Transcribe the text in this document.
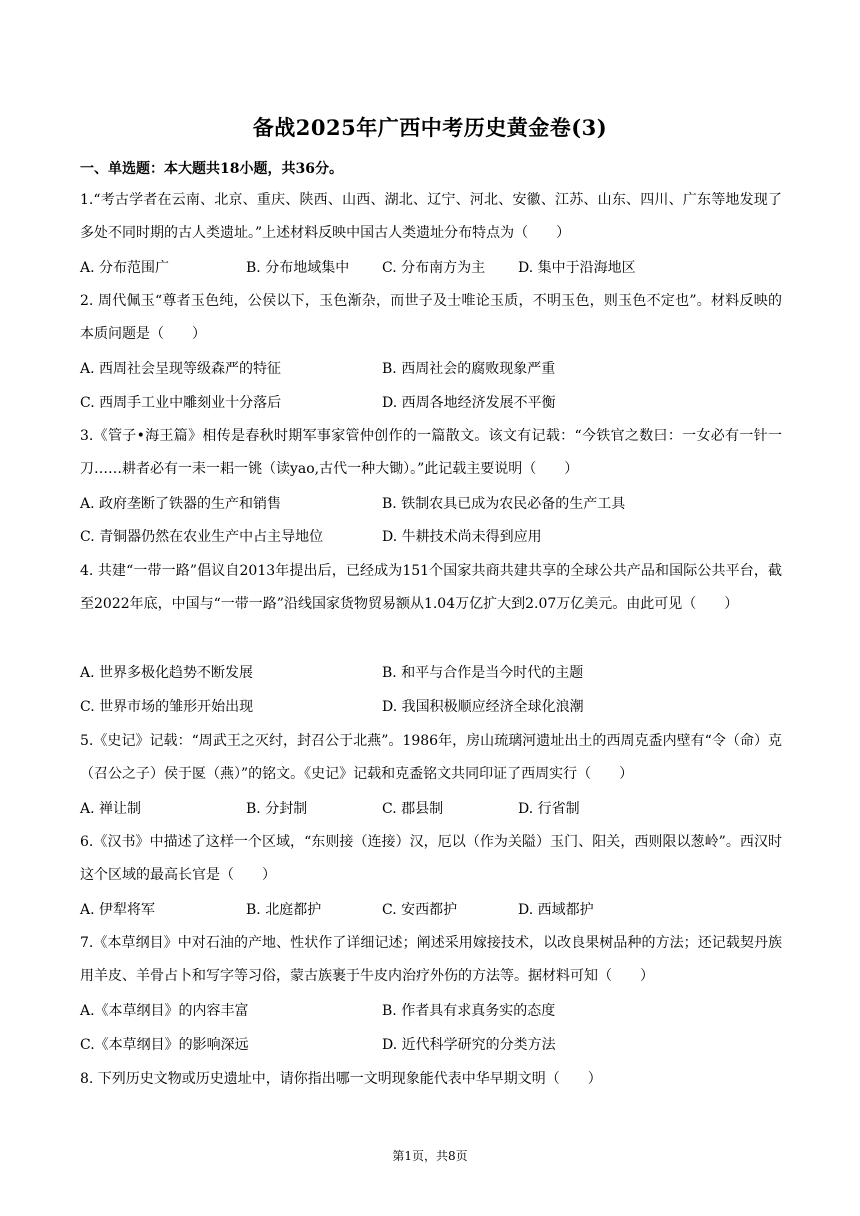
备战2025年广西中考历史黄金卷(3)
一、单选题：本大题共18小题，共36分。
1.“考古学者在云南、北京、重庆、陕西、山西、湖北、辽宁、河北、安徽、江苏、山东、四川、广东等地发现了多处不同时期的古人类遗址。”上述材料反映中国古人类遗址分布特点为（　　）
A. 分布范围广	B. 分布地域集中 C. 分布南方为主 D. 集中于沿海地区
2. 周代佩玉“尊者玉色纯，公侯以下，玉色渐杂，而世子及士唯论玉质，不明玉色，则玉色不定也”。材料反映的本质问题是（　　）
A. 西周社会呈现等级森严的特征	B. 西周社会的腐败现象严重
C. 西周手工业中雕刻业十分落后	D. 西周各地经济发展不平衡
3.《管子•海王篇》相传是春秋时期军事家管仲创作的一篇散文。该文有记载：“今铁官之数曰：一女必有一针一刀……耕者必有一耒一耜一铫（读yao,古代一种大锄）。”此记载主要说明（　　）
A. 政府垄断了铁器的生产和销售	B. 铁制农具已成为农民必备的生产工具
C. 青铜器仍然在农业生产中占主导地位	D. 牛耕技术尚未得到应用
4. 共建“一带一路”倡议自2013年提出后，已经成为151个国家共商共建共享的全球公共产品和国际公共平台，截至2022年底，中国与“一带一路”沿线国家货物贸易额从1.04万亿扩大到2.07万亿美元。由此可见（　　）
A. 世界多极化趋势不断发展	B. 和平与合作是当今时代的主题
C. 世界市场的雏形开始出现	D. 我国积极顺应经济全球化浪潮
5.《史记》记载：“周武王之灭纣，封召公于北燕”。1986年，房山琉璃河遗址出土的西周克盉内壁有“令（命）克（召公之子）侯于匽（燕）”的铭文。《史记》记载和克盉铭文共同印证了西周实行（　　）
A. 禅让制	B. 分封制	C. 郡县制	D. 行省制
6.《汉书》中描述了这样一个区域，“东则接（连接）汉，厄以（作为关隘）玉门、阳关，西则限以葱岭”。西汉时这个区域的最高长官是（　　）
A. 伊犁将军	B. 北庭都护	C. 安西都护	D. 西域都护
7.《本草纲目》中对石油的产地、性状作了详细记述；阐述采用嫁接技术，以改良果树品种的方法；还记载契丹族用羊皮、羊骨占卜和写字等习俗，蒙古族裹于牛皮内治疗外伤的方法等。据材料可知（　　）
A.《本草纲目》的内容丰富	B. 作者具有求真务实的态度
C.《本草纲目》的影响深远	D. 近代科学研究的分类方法
8. 下列历史文物或历史遗址中，请你指出哪一文明现象能代表中华早期文明（　　）
第1页，共8页
